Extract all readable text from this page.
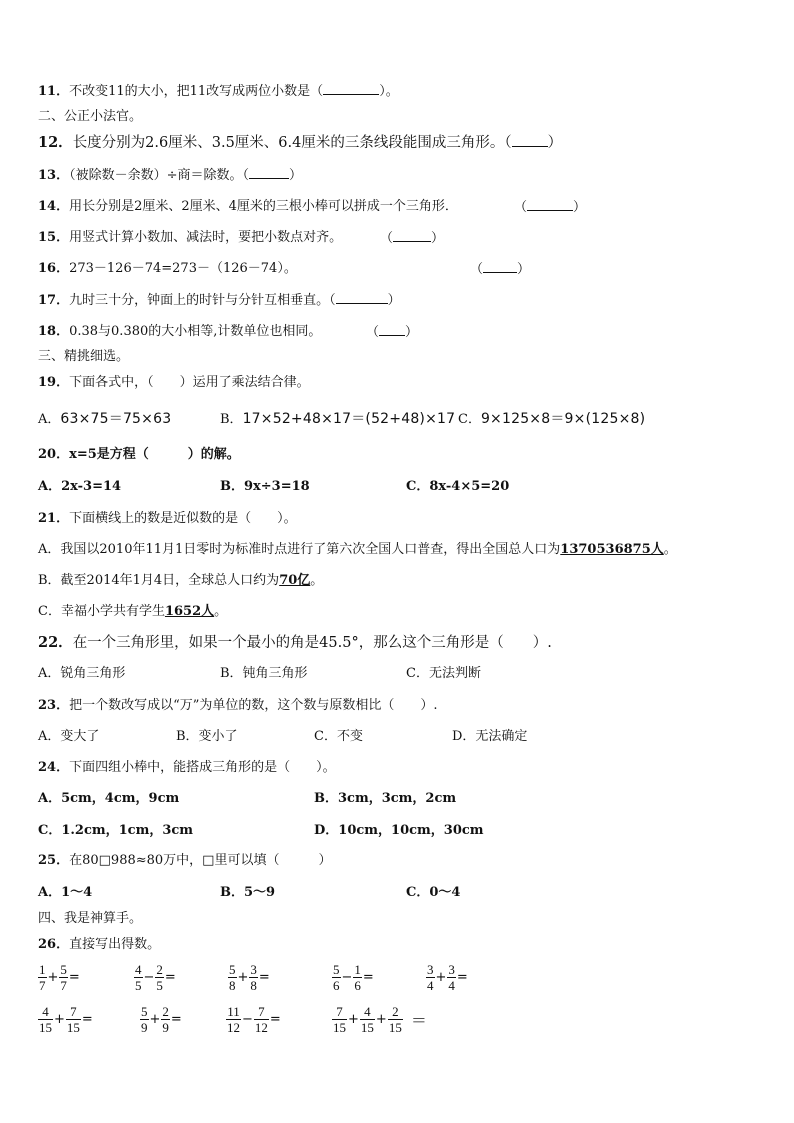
11．不改变11的大小，把11改写成两位小数是（	）。
二、公正小法官。
12．长度分别为2.6厘米、3.5厘米、6.4厘米的三条线段能围成三角形。（ ）
13．（被除数－余数）÷商＝除数。（	）
14．用长分别是2厘米、2厘米、4厘米的三根小棒可以拼成一个三角形．	（	）
15．用竖式计算小数加、减法时，要把小数点对齐。	（	）
16．273－126－74=273－（126－74）。	（	）
17．九时三十分，钟面上的时针与分针互相垂直。（	）
18．0.38与0.380的大小相等,计数单位也相同。	（ ）
三、精挑细选。
19．下面各式中，（　　）运用了乘法结合律。
A．63×75＝75×63	B．17×52+48×17＝(52+48)×17 C．9×125×8＝9×(125×8)
20．x=5是方程（　　　）的解。
A．2x-3=14	B．9x÷3=18	C．8x-4×5=20
21．下面横线上的数是近似数的是（　　）。
A．我国以2010年11月1日零时为标准时点进行了第六次全国人口普查，得出全国总人口为1370536875人。
B．截至2014年1月4日，全球总人口约为70亿。
C．幸福小学共有学生1652人。
22．在一个三角形里，如果一个最小的角是45.5°，那么这个三角形是（　　）.
A．锐角三角形	B．钝角三角形	C．无法判断
23．把一个数改写成以“万”为单位的数，这个数与原数相比（　　）.
A．变大了	B．变小了	C．不变	D．无法确定
24．下面四组小棒中，能搭成三角形的是（　　）。
A．5cm，4cm，9cm	B．3cm，3cm，2cm
C．1.2cm，1cm，3cm	D．10cm，10cm，30cm
25．在80□988≈80万中，□里可以填（　　　）
A．1～4	B．5～9	C．0～4
四、我是神算手。
26．直接写出得数。
$\frac{1}{7} + \frac{5}{7}$ =	$\frac{4}{5} - \frac{2}{5}$ =	$\frac{5}{8} + \frac{3}{8}$ =	$\frac{5}{6} - \frac{1}{6}$ =	$\frac{3}{4} + \frac{3}{4}$ =
$\frac{4}{15} + \frac{7}{15}$ =	$\frac{5}{9} + \frac{2}{9}$ =	$\frac{11}{12} - \frac{7}{12}$ =	$\frac{7}{15} + \frac{4}{15} + \frac{2}{15}$ ＝
